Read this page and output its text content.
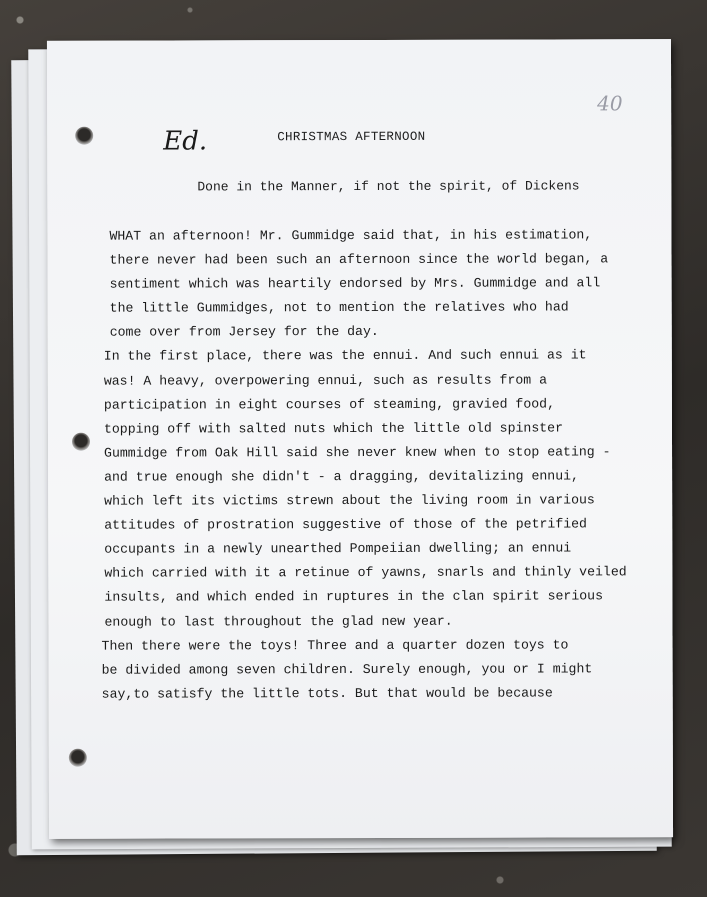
40
Ed.	CHRISTMAS AFTERNOON
Done in the Manner, if not the spirit, of Dickens
WHAT an afternoon! Mr. Gummidge said that, in his estimation,
there never had been such an afternoon since the world began, a
sentiment which was heartily endorsed by Mrs. Gummidge and all
the little Gummidges, not to mention the relatives who had
come over from Jersey for the day.
In the first place, there was the ennui. And such ennui as it
was! A heavy, overpowering ennui, such as results from a
participation in eight courses of steaming, gravied food,
topping off with salted nuts which the little old spinster
Gummidge from Oak Hill said she never knew when to stop eating -
and true enough she didn't - a dragging, devitalizing ennui,
which left its victims strewn about the living room in various
attitudes of prostration suggestive of those of the petrified
occupants in a newly unearthed Pompeiian dwelling; an ennui
which carried with it a retinue of yawns, snarls and thinly veiled
insults, and which ended in ruptures in the clan spirit serious
enough to last throughout the glad new year.
Then there were the toys! Three and a quarter dozen toys to
be divided among seven children. Surely enough, you or I might
say,to satisfy the little tots. But that would be because
